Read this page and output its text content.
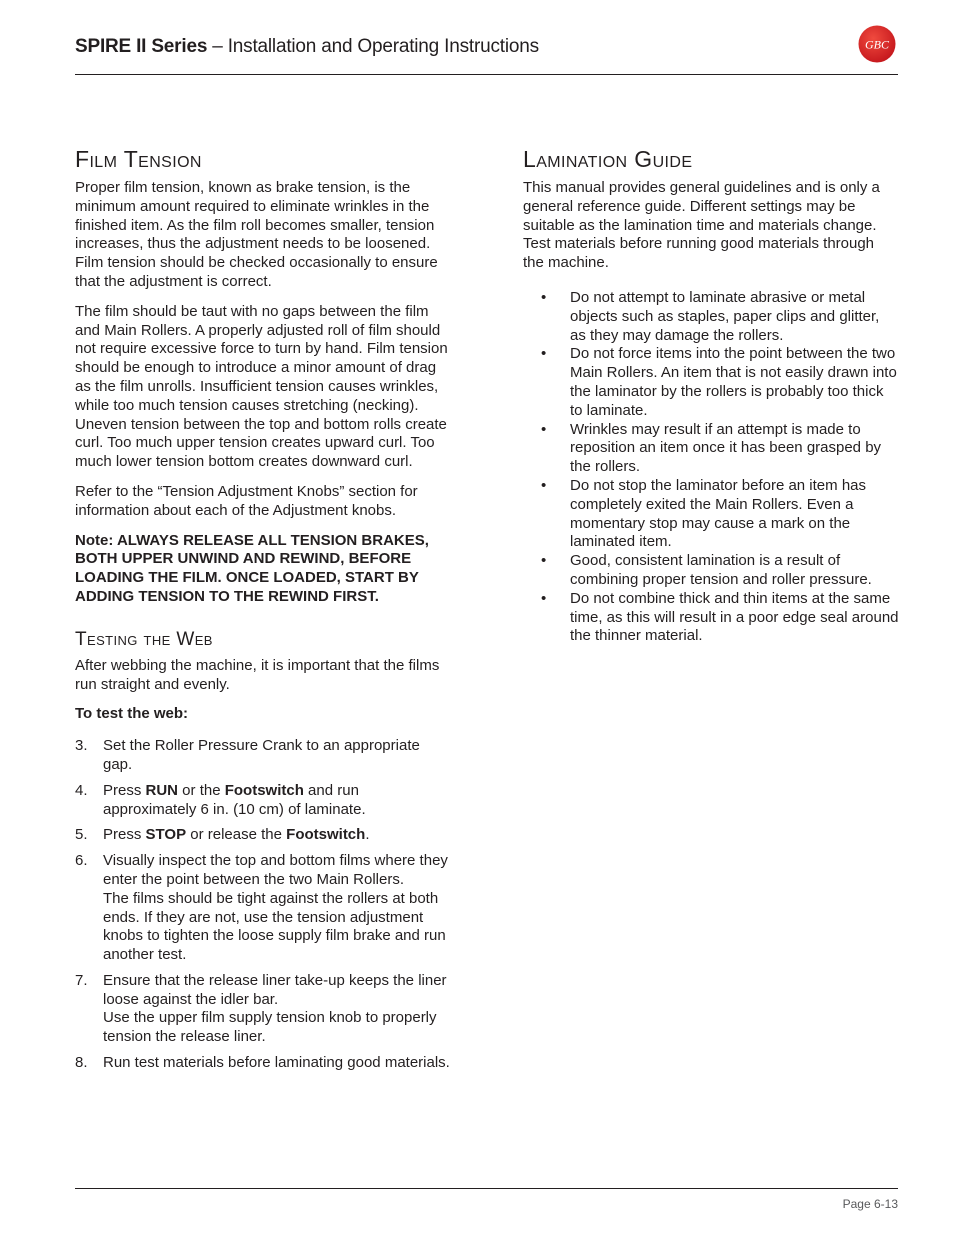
SPIRE II Series – Installation and Operating Instructions	GBC
Film Tension

Proper film tension, known as brake tension, is the minimum amount required to eliminate wrinkles in the finished item. As the film roll becomes smaller, tension increases, thus the adjustment needs to be loosened. Film tension should be checked occasionally to ensure that the adjustment is correct.

The film should be taut with no gaps between the film and Main Rollers. A properly adjusted roll of film should not require excessive force to turn by hand. Film tension should be enough to introduce a minor amount of drag as the film unrolls. Insufficient tension causes wrinkles, while too much tension causes stretching (necking). Uneven tension between the top and bottom rolls create curl. Too much upper tension creates upward curl. Too much lower tension bottom creates downward curl.

Refer to the “Tension Adjustment Knobs” section for information about each of the Adjustment knobs.

Note: ALWAYS RELEASE ALL TENSION BRAKES, BOTH UPPER UNWIND AND REWIND, BEFORE LOADING THE FILM. ONCE LOADED, START BY ADDING TENSION TO THE REWIND FIRST.

Testing the Web

After webbing the machine, it is important that the films run straight and evenly.

To test the web:

3. Set the Roller Pressure Crank to an appropriate gap.
4. Press RUN or the Footswitch and run approximately 6 in. (10 cm) of laminate.
5. Press STOP or release the Footswitch.
6. Visually inspect the top and bottom films where they enter the point between the two Main Rollers.
The films should be tight against the rollers at both ends. If they are not, use the tension adjustment knobs to tighten the loose supply film brake and run another test.
7. Ensure that the release liner take-up keeps the liner loose against the idler bar.
Use the upper film supply tension knob to properly tension the release liner.
8. Run test materials before laminating good materials.
Lamination Guide

This manual provides general guidelines and is only a general reference guide. Different settings may be suitable as the lamination time and materials change. Test materials before running good materials through the machine.

• Do not attempt to laminate abrasive or metal objects such as staples, paper clips and glitter, as they may damage the rollers.
• Do not force items into the point between the two Main Rollers. An item that is not easily drawn into the laminator by the rollers is probably too thick to laminate.
• Wrinkles may result if an attempt is made to reposition an item once it has been grasped by the rollers.
• Do not stop the laminator before an item has completely exited the Main Rollers. Even a momentary stop may cause a mark on the laminated item.
• Good, consistent lamination is a result of combining proper tension and roller pressure.
• Do not combine thick and thin items at the same time, as this will result in a poor edge seal around the thinner material.
Page 6-13
